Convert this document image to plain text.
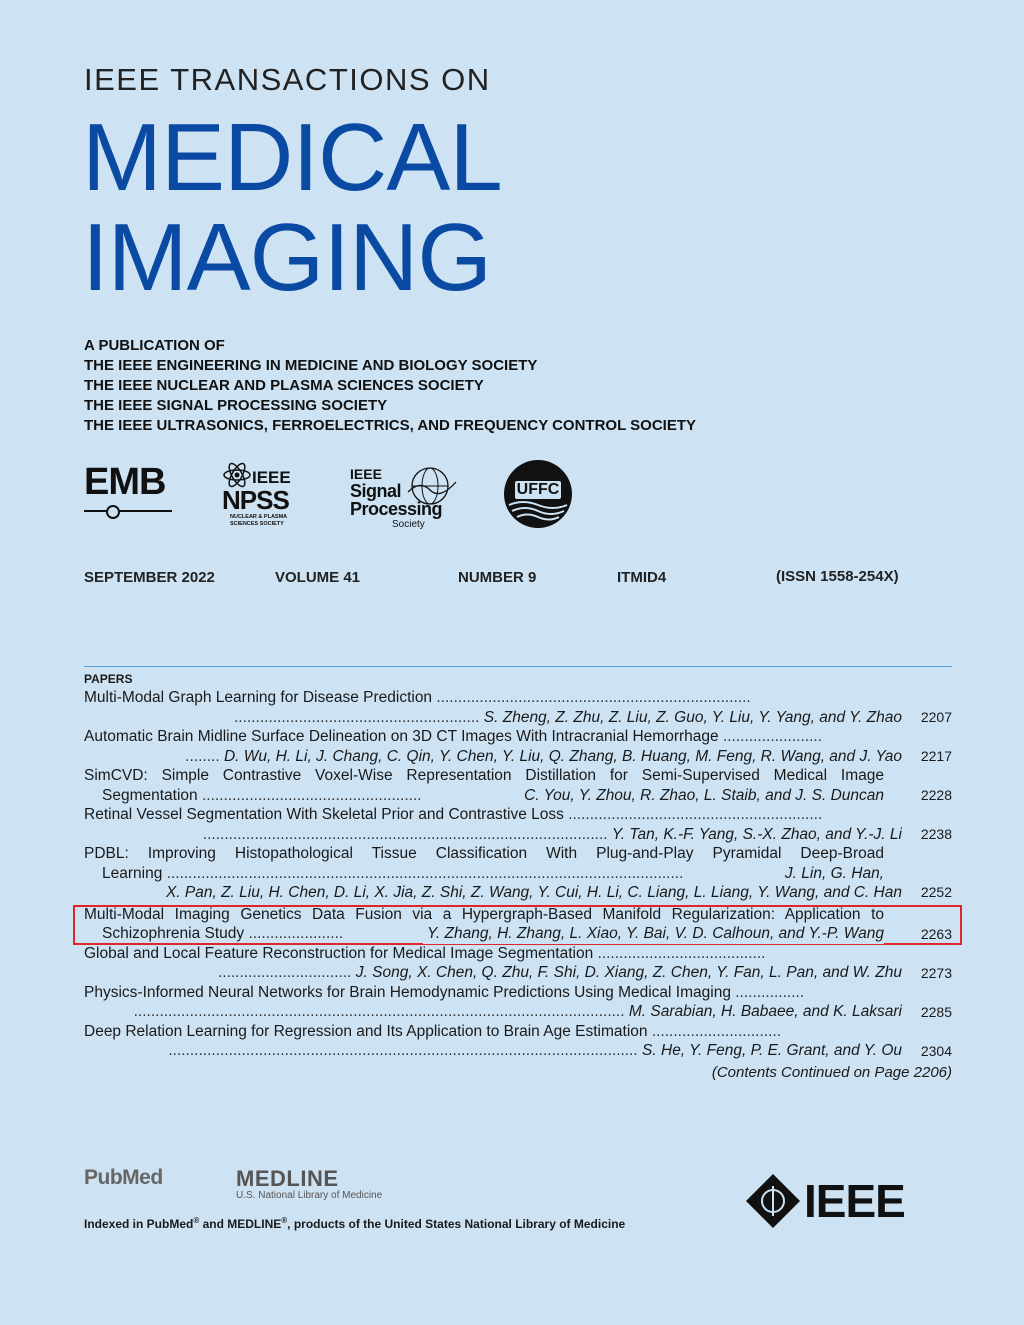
IEEE TRANSACTIONS ON
MEDICAL
IMAGING
A PUBLICATION OF
THE IEEE ENGINEERING IN MEDICINE AND BIOLOGY SOCIETY
THE IEEE NUCLEAR AND PLASMA SCIENCES SOCIETY
THE IEEE SIGNAL PROCESSING SOCIETY
THE IEEE ULTRASONICS, FERROELECTRICS, AND FREQUENCY CONTROL SOCIETY
EMB	IEEE
NPSS
NUCLEAR & PLASMA
SCIENCES SOCIETY
IEEE
Signal
Processing
Society
UFFC
SEPTEMBER 2022	VOLUME 41	NUMBER 9	ITMID4	(ISSN 1558-254X)
PAPERS
Multi-Modal Graph Learning for Disease Prediction .........................................................................
......................................................... S. Zheng, Z. Zhu, Z. Liu, Z. Guo, Y. Liu, Y. Yang, and Y. Zhao	2207
Automatic Brain Midline Surface Delineation on 3D CT Images With Intracranial Hemorrhage .......................
........ D. Wu, H. Li, J. Chang, C. Qin, Y. Chen, Y. Liu, Q. Zhang, B. Huang, M. Feng, R. Wang, and J. Yao	2217
SimCVD: Simple Contrastive Voxel-Wise Representation Distillation for Semi-Supervised Medical Image
Segmentation ...................................................	C. You, Y. Zhou, R. Zhao, L. Staib, and J. S. Duncan	2228
Retinal Vessel Segmentation With Skeletal Prior and Contrastive Loss ...........................................................
.............................................................................................. Y. Tan, K.-F. Yang, S.-X. Zhao, and Y.-J. Li	2238
PDBL: Improving Histopathological Tissue Classification With Plug-and-Play Pyramidal Deep-Broad
Learning ........................................................................................................................	J. Lin, G. Han,
X. Pan, Z. Liu, H. Chen, D. Li, X. Jia, Z. Shi, Z. Wang, Y. Cui, H. Li, C. Liang, L. Liang, Y. Wang, and C. Han	2252
Multi-Modal Imaging Genetics Data Fusion via a Hypergraph-Based Manifold Regularization: Application to
Schizophrenia Study ......................	Y. Zhang, H. Zhang, L. Xiao, Y. Bai, V. D. Calhoun, and Y.-P. Wang	2263
Global and Local Feature Reconstruction for Medical Image Segmentation .......................................
............................... J. Song, X. Chen, Q. Zhu, F. Shi, D. Xiang, Z. Chen, Y. Fan, L. Pan, and W. Zhu	2273
Physics-Informed Neural Networks for Brain Hemodynamic Predictions Using Medical Imaging ................
.................................................................................................................. M. Sarabian, H. Babaee, and K. Laksari	2285
Deep Relation Learning for Regression and Its Application to Brain Age Estimation ..............................
............................................................................................................. S. He, Y. Feng, P. E. Grant, and Y. Ou	2304
(Contents Continued on Page 2206)
PubMed	MEDLINE
U.S. National Library of Medicine
Indexed in PubMed® and MEDLINE®, products of the United States National Library of Medicine	IEEE
